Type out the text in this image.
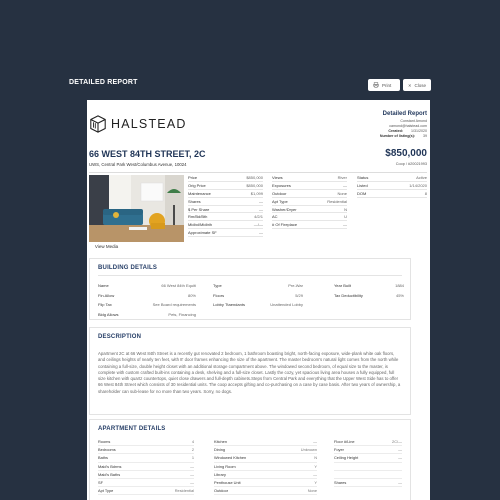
DETAILED REPORT	Print	Close
HALSTEAD
Detailed Report
Constant Amond
camond@halstead.com
Created: 1/31/2020
Number of listing(s): 39
66 WEST 84TH STREET, 2C
UWS, Central Park West/Columbus Avenue, 10024
$850,000
Coop / #20021993
View Media
Price	$850,000
Orig Price	$850,000
Maintenance	$1,099
Shares	—
$ Per Share	—
Rm/Bd/Bth	4/2/1
Midbd/Midbth	—/—
Approximate SF	—
Views	River
Exposures	—
Outdoor	None
Apt Type	Residential
Washer/Dryer	N
AC	U
# Of Fireplace	—
Status	Active
Listed	1/14/2020
DOM	8
BUILDING DETAILS
Name	66 West 84th Equiti
Fin.Allow	80%
Flip Tax	See Board requirements
Bldg Allows	Pets, Financing
Type	Pre-War
Floors	5/29
Lobby Ttaendants	Unattended Lobby
Year Built	1884
Tax Deductibility	45%
DESCRIPTION
Apartment 2C at 66 West 84th Street is a recently gut renovated 2 bedroom, 1 bathroom boasting bright, north-facing exposure, wide-plank white oak floors, and ceilings heights of nearly ten feet, with 8' door frames enhancing the size of the apartment. The master bedroom's natural light comes from the north while containing a full-size, double height closet with an additional storage compartment above. The windowed second bedroom, of equal size to the master, is complete with custom crafted built-ins containing a desk, shelving and a full-size closet. Lastly the cozy, yet spacious living area houses a fully equipped, full size kitchen with quartz countertops, quiet close drawers and full-depth cabinets.Steps from Central Park and everything that the Upper West Side has to offer 66 West 84th Street which consists of 30 residential units. The coop accepts gifting and co-purchasing on a case by case basis. After two years of ownership, a shareholder can sub-lease for no more than two years. Sorry, no dogs.
APARTMENT DETAILS
Rooms	4
Bedrooms	2
Baths	1
Maid's Bdrms	—
Maid's Baths	—
SF	—
Apt Type	Residential
Kitchen	—
Dining	Unknown
Windowed Kitchen	N
Living Room	Y
Library	—
Penthouse Unit	Y
Outdoor	None
Floor #/Line	2C/—
Foyer	—
Ceiling Height	—
Shares	—
